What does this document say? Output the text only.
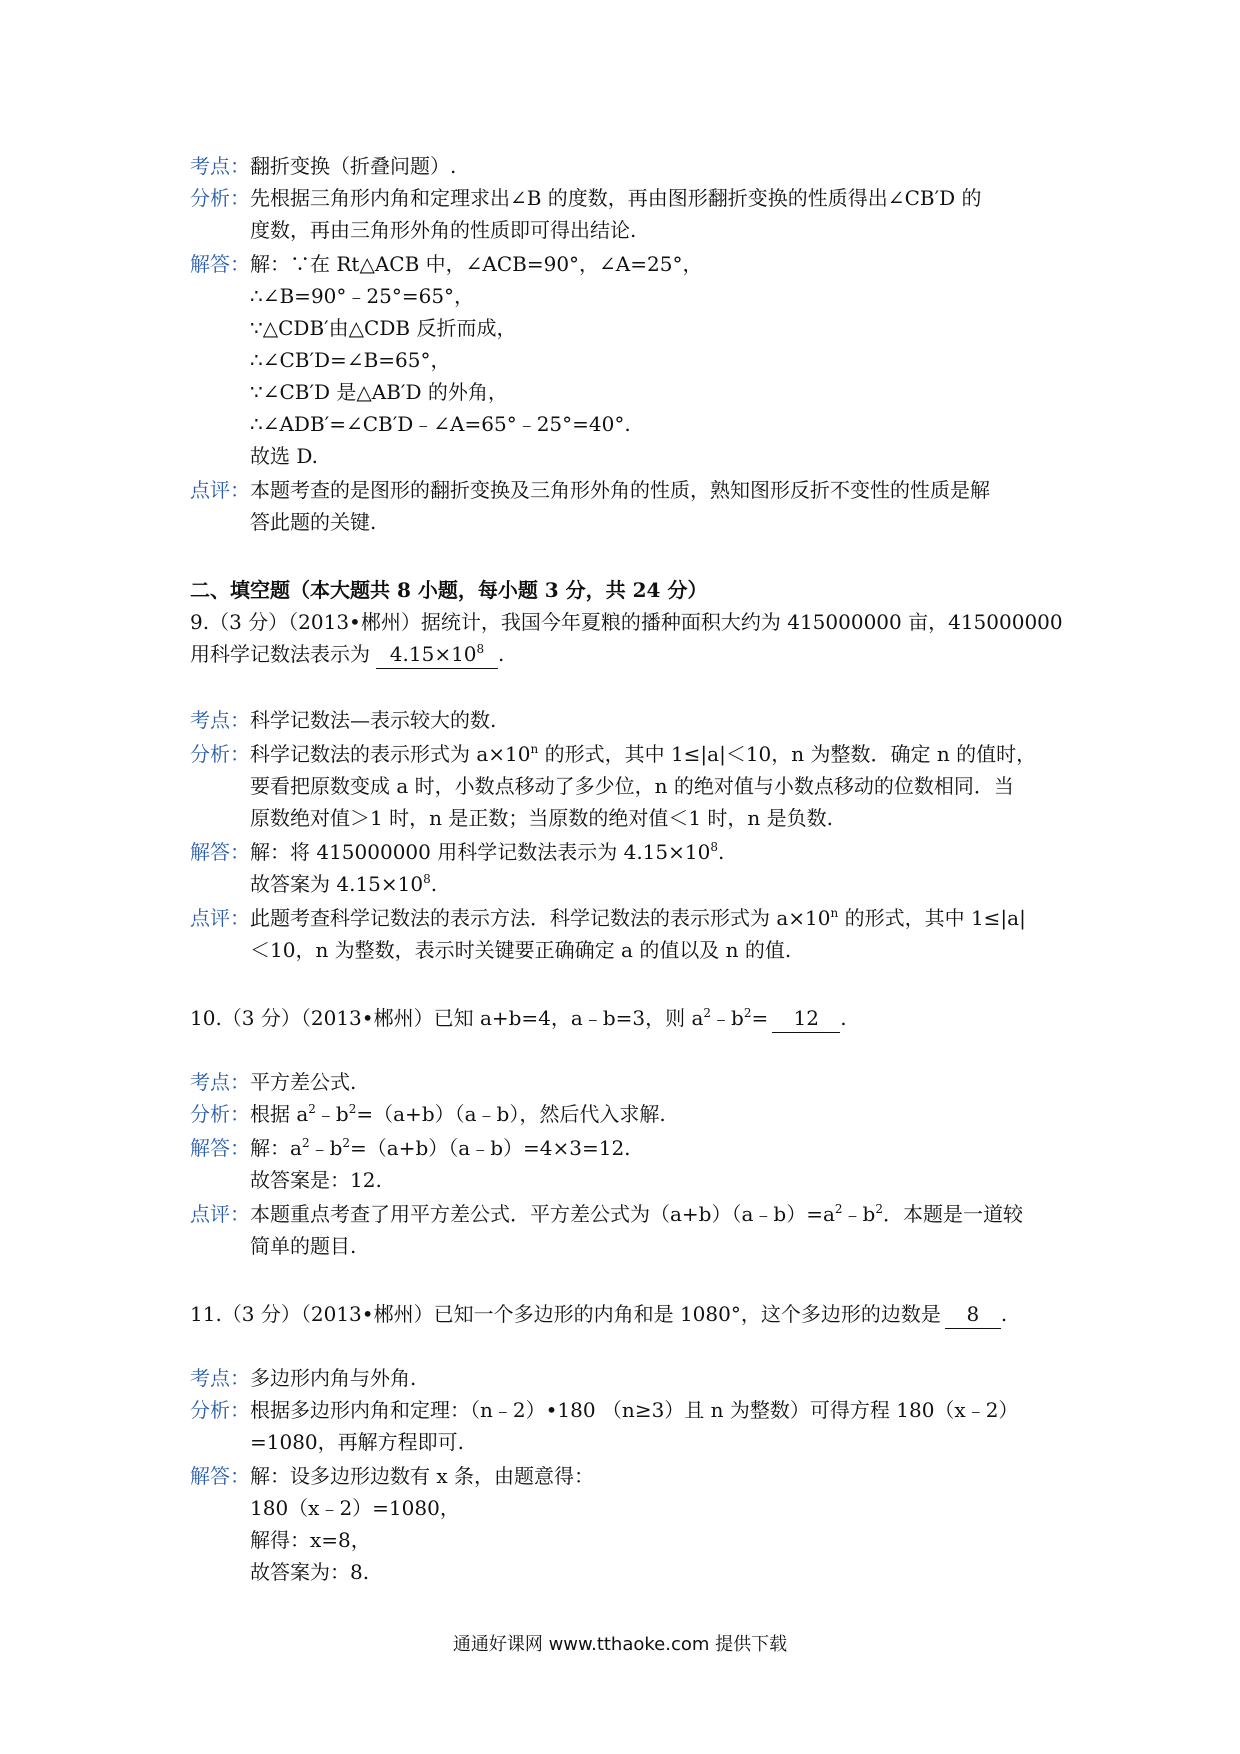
考点：翻折变换（折叠问题）.
分析：先根据三角形内角和定理求出∠B 的度数，再由图形翻折变换的性质得出∠CB′D 的
度数，再由三角形外角的性质即可得出结论.
解答：解：∵在 Rt△ACB 中，∠ACB=90°，∠A=25°，
∴∠B=90°﹣25°=65°，
∵△CDB′由△CDB 反折而成，
∴∠CB′D=∠B=65°，
∵∠CB′D 是△AB′D 的外角，
∴∠ADB′=∠CB′D﹣∠A=65°﹣25°=40°.
故选 D.
点评：本题考查的是图形的翻折变换及三角形外角的性质，熟知图形反折不变性的性质是解
答此题的关键.
二、填空题（本大题共 8 小题，每小题 3 分，共 24 分）
9.（3 分）（2013•郴州）据统计，我国今年夏粮的播种面积大约为 415000000 亩，415000000
用科学记数法表示为 $4.15\times 10^8$ .
考点：科学记数法—表示较大的数.
分析：科学记数法的表示形式为 $a\times 10^n$ 的形式，其中 1≤|a|＜10，n 为整数．确定 n 的值时，
要看把原数变成 a 时，小数点移动了多少位，n 的绝对值与小数点移动的位数相同．当
原数绝对值＞1 时，n 是正数；当原数的绝对值＜1 时，n 是负数.
解答：解：将 415000000 用科学记数法表示为 $4.15\times 10^8$.
故答案为 $4.15\times 10^8$.
点评：此题考查科学记数法的表示方法．科学记数法的表示形式为 $a\times 10^n$ 的形式，其中 1≤|a|
＜10，n 为整数，表示时关键要正确确定 a 的值以及 n 的值.
10.（3 分）（2013•郴州）已知 a+b=4，a﹣b=3，则 $a^2﹣b^2= 12$ .
考点：平方差公式.
分析：根据 $a^2﹣b^2=(a+b)(a﹣b)$，然后代入求解.
解答：解：$a^2﹣b^2=(a+b)(a﹣b)=4\times 3=12$.
故答案是：12.
点评：本题重点考查了用平方差公式．平方差公式为$(a+b)(a﹣b)=a^2﹣b^2$．本题是一道较
简单的题目.
11.（3 分）（2013•郴州）已知一个多边形的内角和是 1080°，这个多边形的边数是 8 .
考点：多边形内角与外角.
分析：根据多边形内角和定理：（n﹣2）•180 （n≥3）且 n 为整数）可得方程 180（x﹣2）
=1080，再解方程即可.
解答：解：设多边形边数有 x 条，由题意得：
180（x﹣2）=1080，
解得：x=8，
故答案为：8.
通通好课网 www.tthaoke.com 提供下载
